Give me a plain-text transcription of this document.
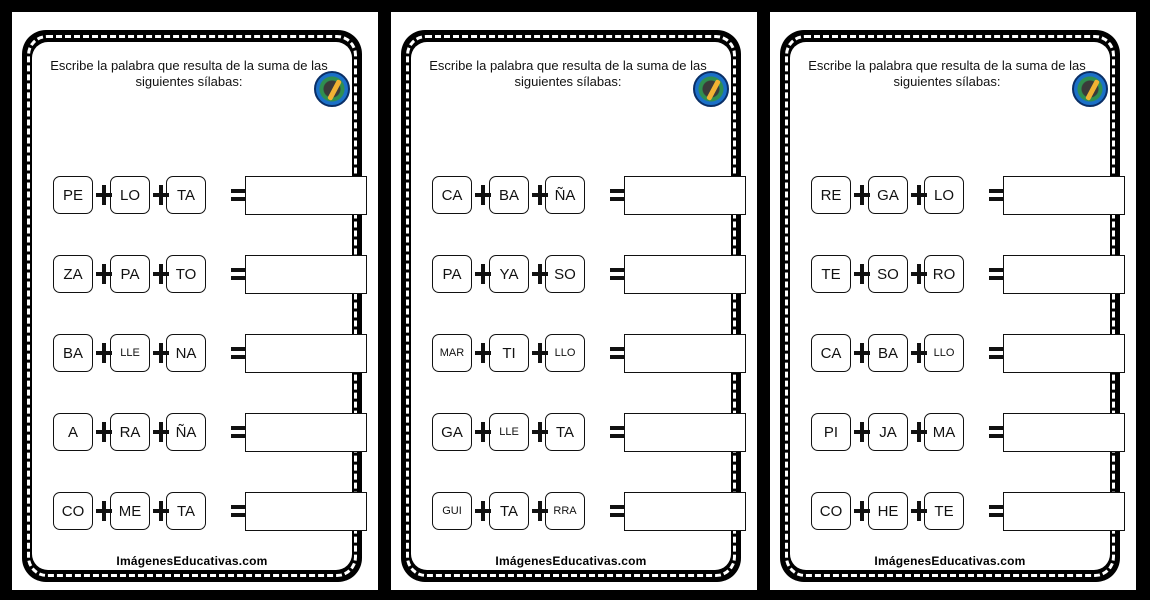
Escribe la palabra que resulta de la suma de las siguientes sílabas:
PE	LO	TA
ZA	PA	TO
BA	LLE	NA
A	RA	ÑA
CO	ME	TA
ImágenesEducativas.com
Escribe la palabra que resulta de la suma de las siguientes sílabas:
CA	BA	ÑA
PA	YA	SO
MAR	TI	LLO
GA	LLE	TA
GUI	TA	RRA
ImágenesEducativas.com
Escribe la palabra que resulta de la suma de las siguientes sílabas:
RE	GA	LO
TE	SO	RO
CA	BA	LLO
PI	JA	MA
CO	HE	TE
ImágenesEducativas.com
